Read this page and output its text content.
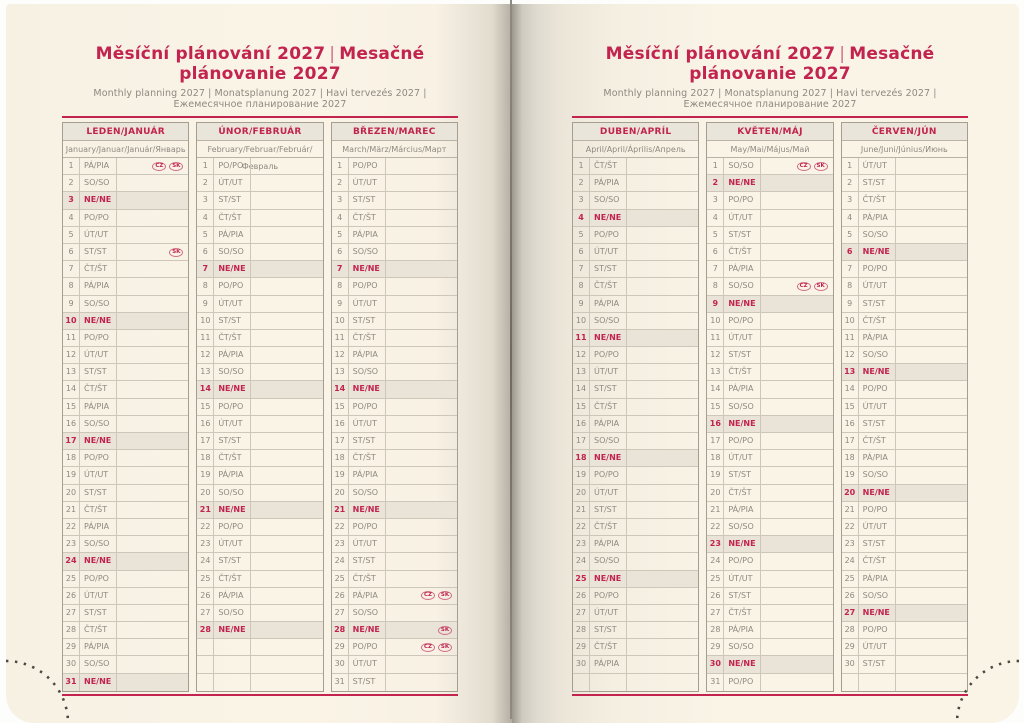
Měsíční plánování 2027 | Mesačné plánovanie 2027
Monthly planning 2027 | Monatsplanung 2027 | Havi tervezés 2027 | Ежемесячное планирование 2027
LEDEN/JANUÁR
January/Januar/Január/Январь
1	PÁ/PIA	CZ	SK
2	SO/SO
3	NE/NE
4	PO/PO
5	ÚT/UT
6	ST/ST	SK
7	ČT/ŠT
8	PÁ/PIA
9	SO/SO
10 NE/NE
11 PO/PO
12 ÚT/UT
13 ST/ST
14 ČT/ŠT
15 PÁ/PIA
16 SO/SO
17 NE/NE
18 PO/PO
19 ÚT/UT
20 ST/ST
21 ČT/ŠT
22 PÁ/PIA
23 SO/SO
24 NE/NE
25 PO/PO
26 ÚT/UT
27 ST/ST
28 ČT/ŠT
29 PÁ/PIA
30 SO/SO
31 NE/NE
ÚNOR/FEBRUÁR
February/Februar/Február/Февраль
1	PO/PO
2	ÚT/UT
3	ST/ST
4	ČT/ŠT
5	PÁ/PIA
6	SO/SO
7	NE/NE
8	PO/PO
9	ÚT/UT
10 ST/ST
11 ČT/ŠT
12 PÁ/PIA
13 SO/SO
14 NE/NE
15 PO/PO
16 ÚT/UT
17 ST/ST
18 ČT/ŠT
19 PÁ/PIA
20 SO/SO
21 NE/NE
22 PO/PO
23 ÚT/UT
24 ST/ST
25 ČT/ŠT
26 PÁ/PIA
27 SO/SO
28 NE/NE
BŘEZEN/MAREC
March/März/Március/Март
1	PO/PO
2	ÚT/UT
3	ST/ST
4	ČT/ŠT
5	PÁ/PIA
6	SO/SO
7	NE/NE
8	PO/PO
9	ÚT/UT
10 ST/ST
11 ČT/ŠT
12 PÁ/PIA
13 SO/SO
14 NE/NE
15 PO/PO
16 ÚT/UT
17 ST/ST
18 ČT/ŠT
19 PÁ/PIA
20 SO/SO
21 NE/NE
22 PO/PO
23 ÚT/UT
24 ST/ST
25 ČT/ŠT
26 PÁ/PIA	CZ	SK
27 SO/SO
28 NE/NE	SK
29 PO/PO	CZ	SK
30 ÚT/UT
31 ST/ST
Měsíční plánování 2027 | Mesačné plánovanie 2027
Monthly planning 2027 | Monatsplanung 2027 | Havi tervezés 2027 | Ежемесячное планирование 2027
DUBEN/APRÍL
April/April/Április/Апрель
1	ČT/ŠT
2	PÁ/PIA
3	SO/SO
4	NE/NE
5	PO/PO
6	ÚT/UT
7	ST/ST
8	ČT/ŠT
9	PÁ/PIA
10 SO/SO
11 NE/NE
12 PO/PO
13 ÚT/UT
14 ST/ST
15 ČT/ŠT
16 PÁ/PIA
17 SO/SO
18 NE/NE
19 PO/PO
20 ÚT/UT
21 ST/ST
22 ČT/ŠT
23 PÁ/PIA
24 SO/SO
25 NE/NE
26 PO/PO
27 ÚT/UT
28 ST/ST
29 ČT/ŠT
30 PÁ/PIA
KVĚTEN/MÁJ
May/Mai/Május/Май
1	SO/SO	CZ	SK
2	NE/NE
3	PO/PO
4	ÚT/UT
5	ST/ST
6	ČT/ŠT
7	PÁ/PIA
8	SO/SO	CZ	SK
9	NE/NE
10 PO/PO
11 ÚT/UT
12 ST/ST
13 ČT/ŠT
14 PÁ/PIA
15 SO/SO
16 NE/NE
17 PO/PO
18 ÚT/UT
19 ST/ST
20 ČT/ŠT
21 PÁ/PIA
22 SO/SO
23 NE/NE
24 PO/PO
25 ÚT/UT
26 ST/ST
27 ČT/ŠT
28 PÁ/PIA
29 SO/SO
30 NE/NE
31 PO/PO
ČERVEN/JÚN
June/Juni/Június/Июнь
1	ÚT/UT
2	ST/ST
3	ČT/ŠT
4	PÁ/PIA
5	SO/SO
6	NE/NE
7	PO/PO
8	ÚT/UT
9	ST/ST
10 ČT/ŠT
11 PÁ/PIA
12 SO/SO
13 NE/NE
14 PO/PO
15 ÚT/UT
16 ST/ST
17 ČT/ŠT
18 PÁ/PIA
19 SO/SO
20 NE/NE
21 PO/PO
22 ÚT/UT
23 ST/ST
24 ČT/ŠT
25 PÁ/PIA
26 SO/SO
27 NE/NE
28 PO/PO
29 ÚT/UT
30 ST/ST
